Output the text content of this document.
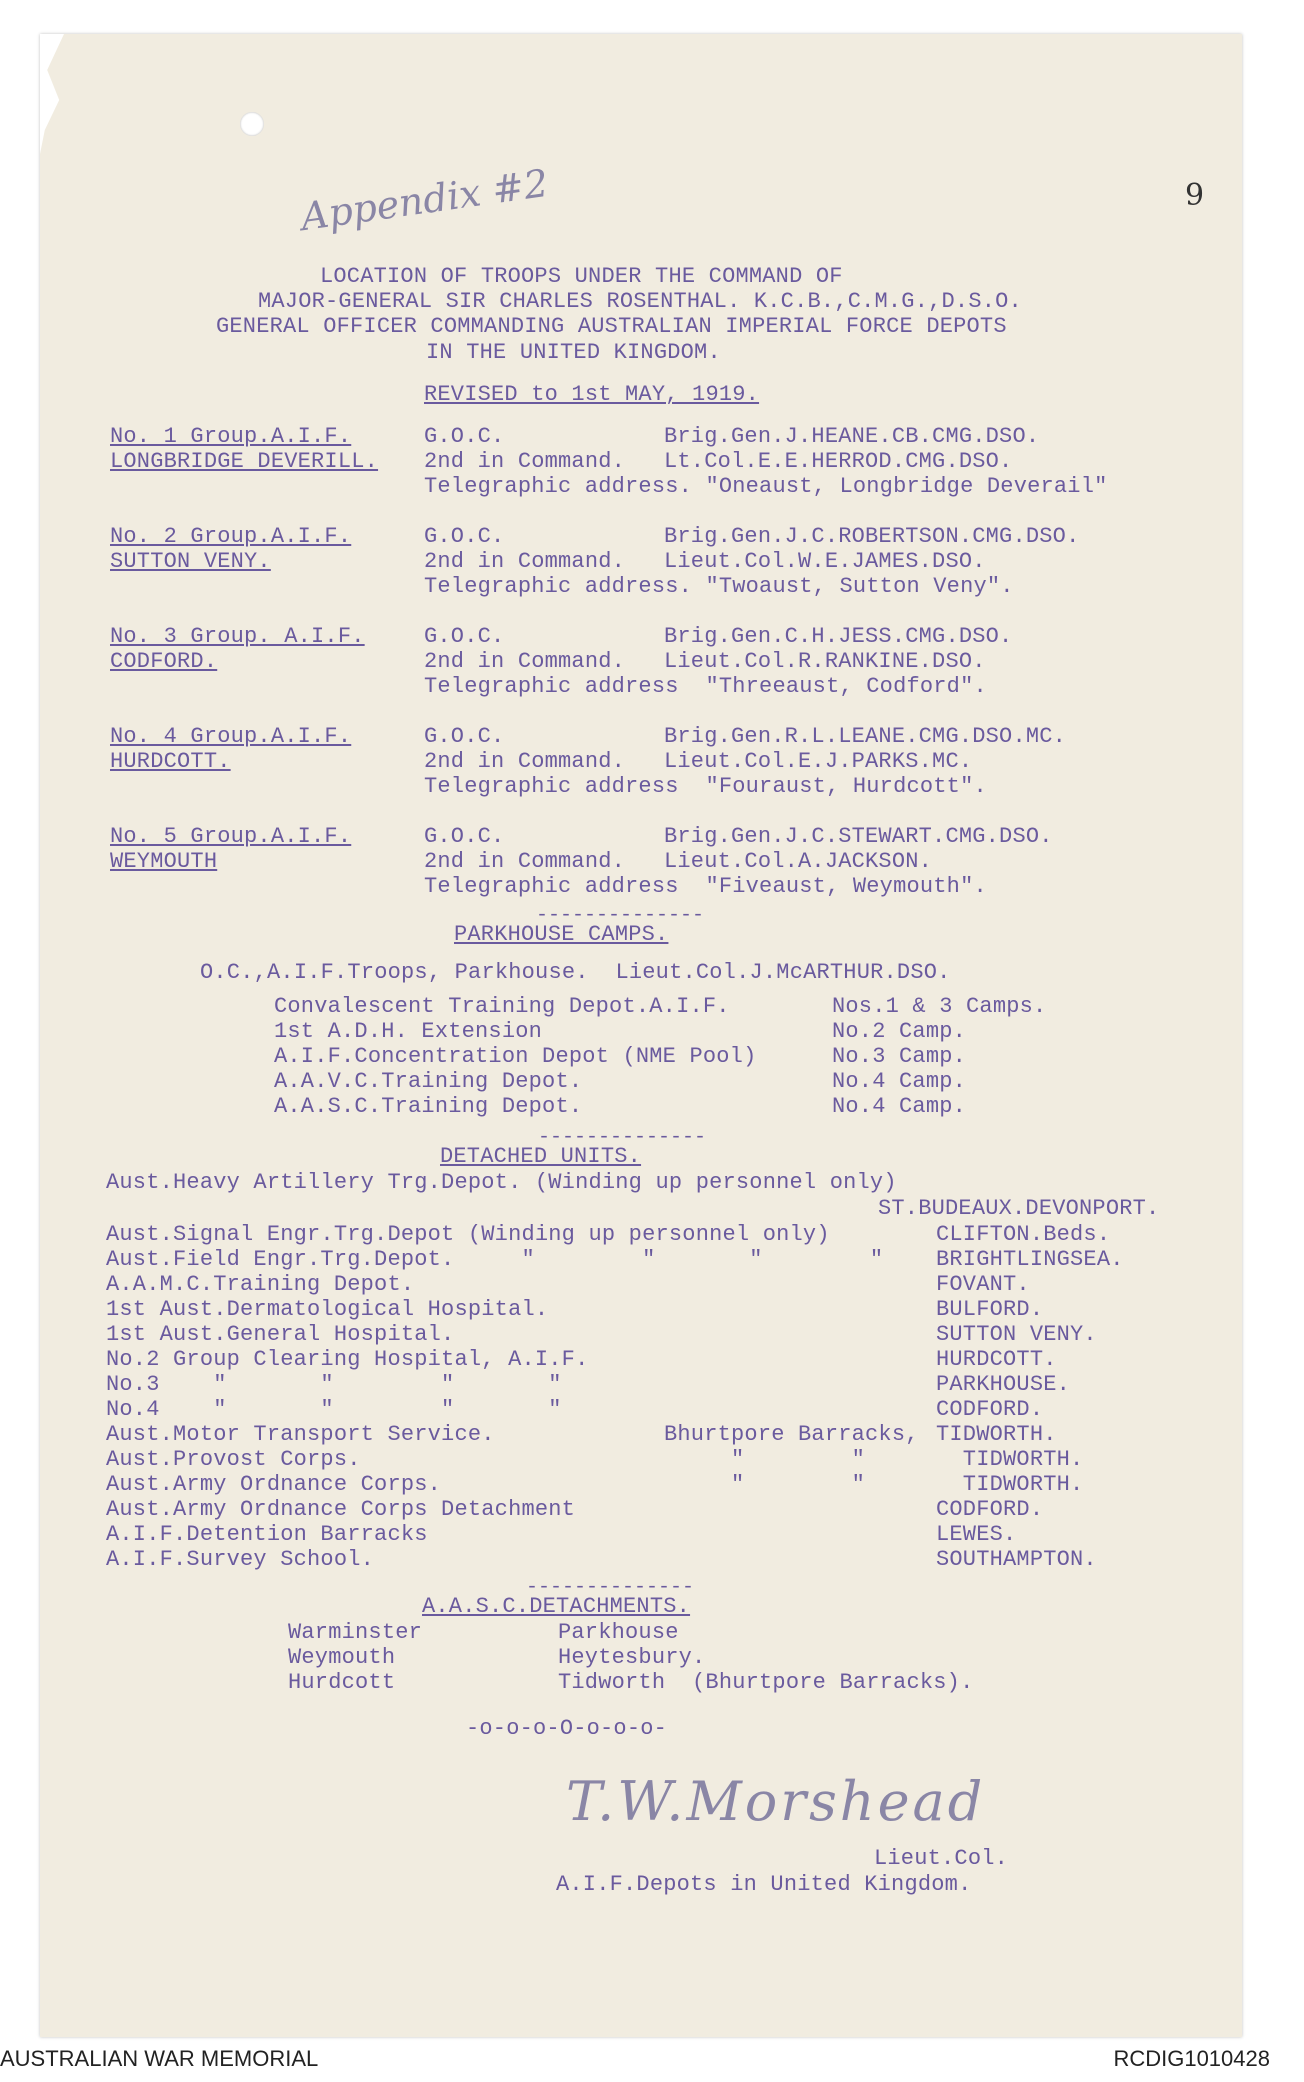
Appendix #2	9
LOCATION OF TROOPS UNDER THE COMMAND OF
MAJOR-GENERAL SIR CHARLES ROSENTHAL. K.C.B.,C.M.G.,D.S.O.
GENERAL OFFICER COMMANDING AUSTRALIAN IMPERIAL FORCE DEPOTS
IN THE UNITED KINGDOM.
REVISED to 1st MAY, 1919.
No. 1 Group.A.I.F.
LONGBRIDGE DEVERILL.
G.O.C.	Brig.Gen.J.HEANE.CB.CMG.DSO.
2nd in Command. Lt.Col.E.E.HERROD.CMG.DSO.
Telegraphic address. "Oneaust, Longbridge Deverail"
No. 2 Group.A.I.F.
SUTTON VENY.
G.O.C.	Brig.Gen.J.C.ROBERTSON.CMG.DSO.
2nd in Command. Lieut.Col.W.E.JAMES.DSO.
Telegraphic address. "Twoaust, Sutton Veny".
No. 3 Group. A.I.F.
CODFORD.
G.O.C.	Brig.Gen.C.H.JESS.CMG.DSO.
2nd in Command. Lieut.Col.R.RANKINE.DSO.
Telegraphic address  "Threeaust, Codford".
No. 4 Group.A.I.F.
HURDCOTT.
G.O.C.	Brig.Gen.R.L.LEANE.CMG.DSO.MC.
2nd in Command. Lieut.Col.E.J.PARKS.MC.
Telegraphic address  "Fouraust, Hurdcott".
No. 5 Group.A.I.F.
WEYMOUTH
G.O.C.	Brig.Gen.J.C.STEWART.CMG.DSO.
2nd in Command. Lieut.Col.A.JACKSON.
Telegraphic address  "Fiveaust, Weymouth".
--------------
PARKHOUSE CAMPS.
O.C.,A.I.F.Troops, Parkhouse.  Lieut.Col.J.McARTHUR.DSO.
Convalescent Training Depot.A.I.F.	Nos.1 & 3 Camps.
1st A.D.H. Extension	No.2 Camp.
A.I.F.Concentration Depot (NME Pool)	No.3 Camp.
A.A.V.C.Training Depot.	No.4 Camp.
A.A.S.C.Training Depot.	No.4 Camp.
--------------
DETACHED UNITS.
Aust.Heavy Artillery Trg.Depot. (Winding up personnel only)
ST.BUDEAUX.DEVONPORT.
Aust.Signal Engr.Trg.Depot (Winding up personnel only)	CLIFTON.Beds.
Aust.Field Engr.Trg.Depot.     "        "       "        " BRIGHTLINGSEA.
A.A.M.C.Training Depot.	FOVANT.
1st Aust.Dermatological Hospital.	BULFORD.
1st Aust.General Hospital.	SUTTON VENY.
No.2 Group Clearing Hospital, A.I.F.	HURDCOTT.
No.3    "       "        "       "	PARKHOUSE.
No.4    "       "        "       "	CODFORD.
Aust.Motor Transport Service.	Bhurtpore Barracks, TIDWORTH.
Aust.Provost Corps.	"        "	TIDWORTH.
Aust.Army Ordnance Corps.	"        "	TIDWORTH.
Aust.Army Ordnance Corps Detachment	CODFORD.
A.I.F.Detention Barracks	LEWES.
A.I.F.Survey School.	SOUTHAMPTON.
--------------
A.A.S.C.DETACHMENTS.
Warminster	Parkhouse
Weymouth	Heytesbury.
Hurdcott	Tidworth  (Bhurtpore Barracks).
-o-o-o-O-o-o-o-
T.W.Morshead
Lieut.Col.
A.I.F.Depots in United Kingdom.
AUSTRALIAN WAR MEMORIAL	RCDIG1010428
